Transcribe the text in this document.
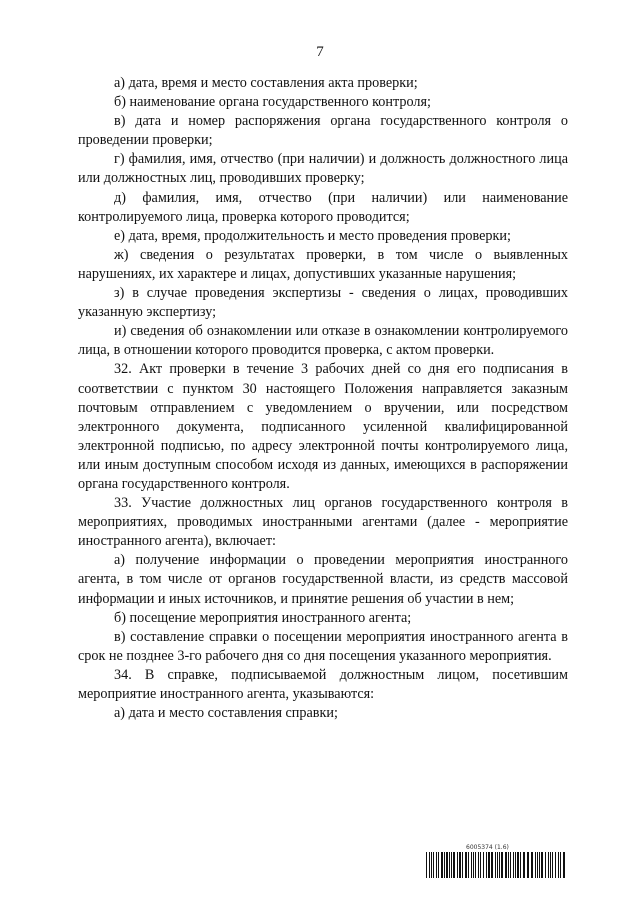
7

а) дата, время и место составления акта проверки;

б) наименование органа государственного контроля;

в) дата и номер распоряжения органа государственного контроля о проведении проверки;

г) фамилия, имя, отчество (при наличии) и должность должностного лица или должностных лиц, проводивших проверку;

д) фамилия, имя, отчество (при наличии) или наименование контролируемого лица, проверка которого проводится;

е) дата, время, продолжительность и место проведения проверки;

ж) сведения о результатах проверки, в том числе о выявленных нарушениях, их характере и лицах, допустивших указанные нарушения;

з) в случае проведения экспертизы - сведения о лицах, проводивших указанную экспертизу;

и) сведения об ознакомлении или отказе в ознакомлении контролируемого лица, в отношении которого проводится проверка, с актом проверки.

32. Акт проверки в течение 3 рабочих дней со дня его подписания в соответствии с пунктом 30 настоящего Положения направляется заказным почтовым отправлением с уведомлением о вручении, или посредством электронного документа, подписанного усиленной квалифицированной электронной подписью, по адресу электронной почты контролируемого лица, или иным доступным способом исходя из данных, имеющихся в распоряжении органа государственного контроля.

33. Участие должностных лиц органов государственного контроля в мероприятиях, проводимых иностранными агентами (далее - мероприятие иностранного агента), включает:

а) получение информации о проведении мероприятия иностранного агента, в том числе от органов государственной власти, из средств массовой информации и иных источников, и принятие решения об участии в нем;

б) посещение мероприятия иностранного агента;

в) составление справки о посещении мероприятия иностранного агента в срок не позднее 3-го рабочего дня со дня посещения указанного мероприятия.

34. В справке, подписываемой должностным лицом, посетившим мероприятие иностранного агента, указываются:

а) дата и место составления справки;

6005374 (1.6)
